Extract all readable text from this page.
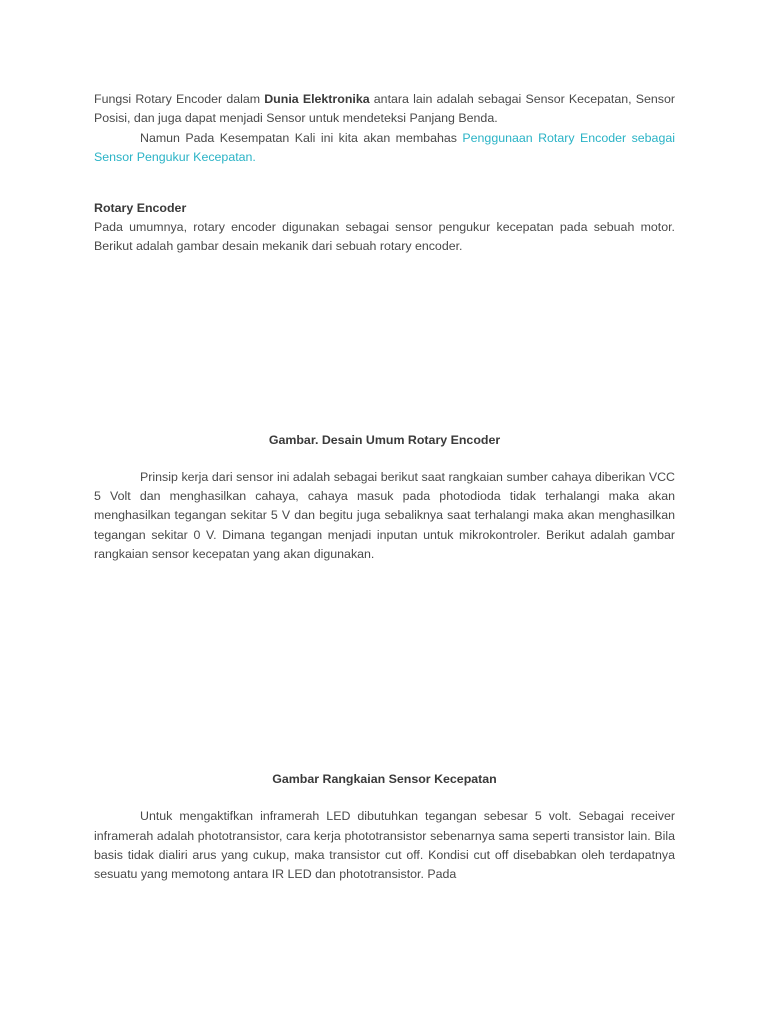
Fungsi Rotary Encoder dalam Dunia Elektronika antara lain adalah sebagai Sensor Kecepatan, Sensor Posisi, dan juga dapat menjadi Sensor untuk mendeteksi Panjang Benda.

Namun Pada Kesempatan Kali ini kita akan membahas Penggunaan Rotary Encoder sebagai Sensor Pengukur Kecepatan.

Rotary Encoder

Pada umumnya, rotary encoder digunakan sebagai sensor pengukur kecepatan pada sebuah motor. Berikut adalah gambar desain mekanik dari sebuah rotary encoder.

Gambar. Desain Umum Rotary Encoder

Prinsip kerja dari sensor ini adalah sebagai berikut saat rangkaian sumber cahaya diberikan VCC 5 Volt dan menghasilkan cahaya, cahaya masuk pada photodioda tidak terhalangi maka akan menghasilkan tegangan sekitar 5 V dan begitu juga sebaliknya saat terhalangi maka akan menghasilkan tegangan sekitar 0 V. Dimana tegangan menjadi inputan untuk mikrokontroler. Berikut adalah gambar rangkaian sensor kecepatan yang akan digunakan.

Gambar Rangkaian Sensor Kecepatan

Untuk mengaktifkan inframerah LED dibutuhkan tegangan sebesar 5 volt. Sebagai receiver inframerah adalah phototransistor, cara kerja phototransistor sebenarnya sama seperti transistor lain. Bila basis tidak dialiri arus yang cukup, maka transistor cut off. Kondisi cut off disebabkan oleh terdapatnya sesuatu yang memotong antara IR LED dan phototransistor. Pada
